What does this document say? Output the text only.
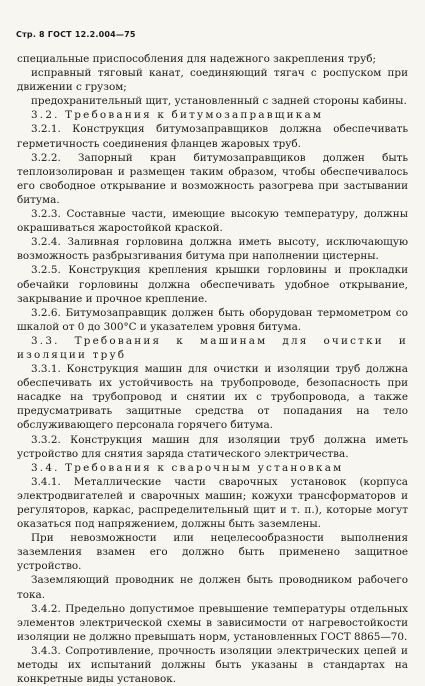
Стр. 8 ГОСТ 12.2.004—75

специальные приспособления для надежного закрепления труб;

исправный тяговый канат, соединяющий тягач с роспуском при движении с грузом;

предохранительный щит, установленный с задней стороны кабины.

3.2. Требования к битумозаправщикам

3.2.1. Конструкция битумозаправщиков должна обеспечивать герметичность соединения фланцев жаровых труб.

3.2.2. Запорный кран битумозаправщиков должен быть теплоизолирован и размещен таким образом, чтобы обеспечивалось его свободное открывание и возможность разогрева при застывании битума.

3.2.3. Составные части, имеющие высокую температуру, должны окрашиваться жаростойкой краской.

3.2.4. Заливная горловина должна иметь высоту, исключающую возможность разбрызгивания битума при наполнении цистерны.

3.2.5. Конструкция крепления крышки горловины и прокладки обечайки горловины должна обеспечивать удобное открывание, закрывание и прочное крепление.

3.2.6. Битумозаправщик должен быть оборудован термометром со шкалой от 0 до 300°С и указателем уровня битума.

3.3. Требования к машинам для очистки и изоляции труб

3.3.1. Конструкция машин для очистки и изоляции труб должна обеспечивать их устойчивость на трубопроводе, безопасность при насадке на трубопровод и снятии их с трубопровода, а также предусматривать защитные средства от попадания на тело обслуживающего персонала горячего битума.

3.3.2. Конструкция машин для изоляции труб должна иметь устройство для снятия заряда статического электричества.

3.4. Требования к сварочным установкам

3.4.1. Металлические части сварочных установок (корпуса электродвигателей и сварочных машин; кожухи трансформаторов и регуляторов, каркас, распределительный щит и т. п.), которые могут оказаться под напряжением, должны быть заземлены.

При невозможности или нецелесообразности выполнения заземления взамен его должно быть применено защитное устройство.

Заземляющий проводник не должен быть проводником рабочего тока.

3.4.2. Предельно допустимое превышение температуры отдельных элементов электрической схемы в зависимости от нагревостойкости изоляции не должно превышать норм, установленных ГОСТ 8865—70.

3.4.3. Сопротивление, прочность изоляции электрических цепей и методы их испытаний должны быть указаны в стандартах на конкретные виды установок.
